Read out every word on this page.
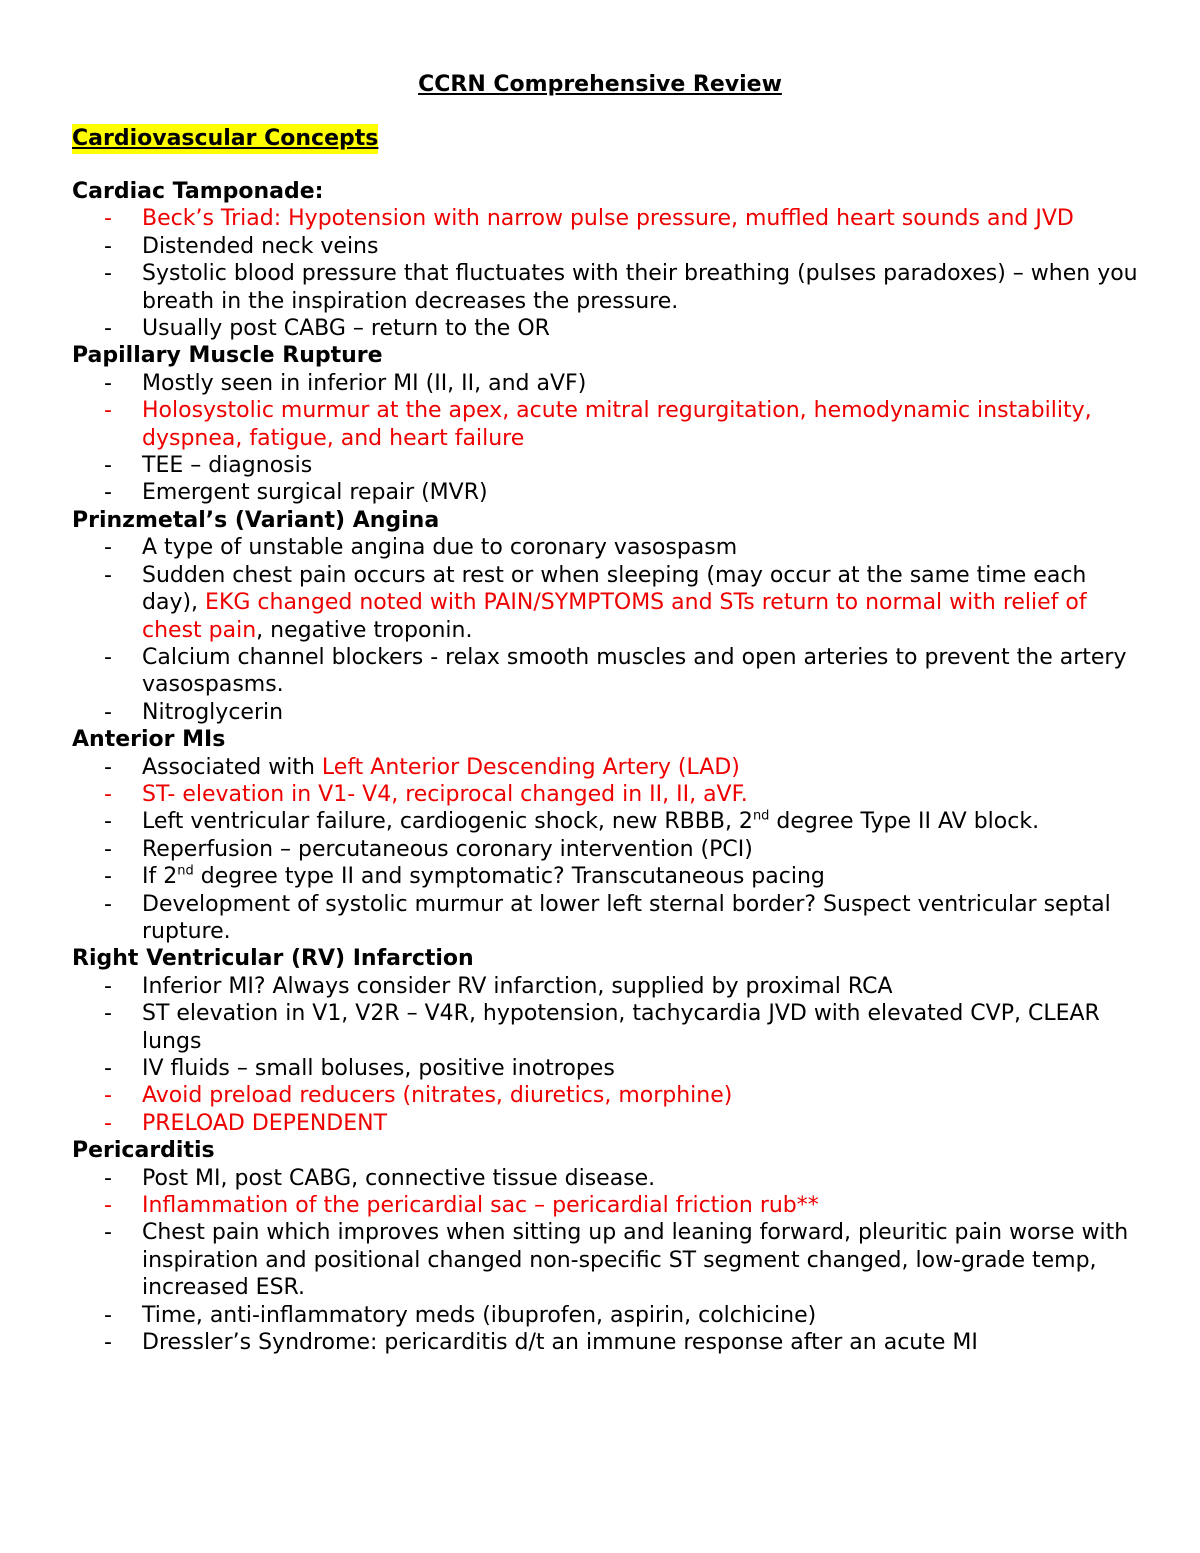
CCRN Comprehensive Review
Cardiovascular Concepts
Cardiac Tamponade:
- Beck’s Triad: Hypotension with narrow pulse pressure, muffled heart sounds and JVD
- Distended neck veins
- Systolic blood pressure that fluctuates with their breathing (pulses paradoxes) – when you breath in the inspiration decreases the pressure.
- Usually post CABG – return to the OR
Papillary Muscle Rupture
- Mostly seen in inferior MI (II, II, and aVF)
- Holosystolic murmur at the apex, acute mitral regurgitation, hemodynamic instability, dyspnea, fatigue, and heart failure
- TEE – diagnosis
- Emergent surgical repair (MVR)
Prinzmetal’s (Variant) Angina
- A type of unstable angina due to coronary vasospasm
- Sudden chest pain occurs at rest or when sleeping (may occur at the same time each day), EKG changed noted with PAIN/SYMPTOMS and STs return to normal with relief of chest pain, negative troponin.
- Calcium channel blockers - relax smooth muscles and open arteries to prevent the artery vasospasms.
- Nitroglycerin
Anterior MIs
- Associated with Left Anterior Descending Artery (LAD)
- ST- elevation in V1- V4, reciprocal changed in II, II, aVF.
- Left ventricular failure, cardiogenic shock, new RBBB, 2nd degree Type II AV block.
- Reperfusion – percutaneous coronary intervention (PCI)
- If 2nd degree type II and symptomatic? Transcutaneous pacing
- Development of systolic murmur at lower left sternal border? Suspect ventricular septal rupture.
Right Ventricular (RV) Infarction
- Inferior MI? Always consider RV infarction, supplied by proximal RCA
- ST elevation in V1, V2R – V4R, hypotension, tachycardia JVD with elevated CVP, CLEAR lungs
- IV fluids – small boluses, positive inotropes
- Avoid preload reducers (nitrates, diuretics, morphine)
- PRELOAD DEPENDENT
Pericarditis
- Post MI, post CABG, connective tissue disease.
- Inflammation of the pericardial sac – pericardial friction rub**
- Chest pain which improves when sitting up and leaning forward, pleuritic pain worse with inspiration and positional changed non-specific ST segment changed, low-grade temp, increased ESR.
- Time, anti-inflammatory meds (ibuprofen, aspirin, colchicine)
- Dressler’s Syndrome: pericarditis d/t an immune response after an acute MI
